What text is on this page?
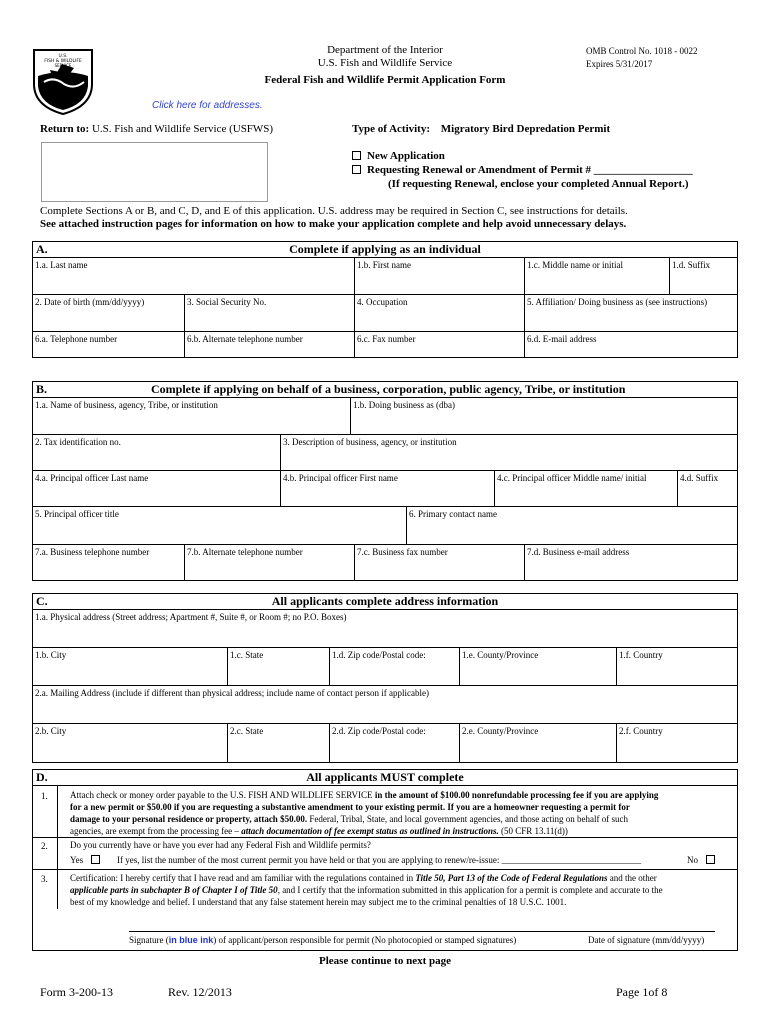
U.S.
FISH & WILDLIFE
SERVICE
Department of the Interior
U.S. Fish and Wildlife Service
Federal Fish and Wildlife Permit Application Form
OMB Control No. 1018 - 0022
Expires 5/31/2017
Click here for addresses.
Return to: U.S. Fish and Wildlife Service (USFWS)	Type of Activity: Migratory Bird Depredation Permit
New Application
Requesting Renewal or Amendment of Permit # __________________
(If requesting Renewal, enclose your completed Annual Report.)
Complete Sections A or B, and C, D, and E of this application. U.S. address may be required in Section C, see instructions for details.
See attached instruction pages for information on how to make your application complete and help avoid unnecessary delays.
A.	Complete if applying as an individual
1.a. Last name	1.b. First name	1.c. Middle name or initial	1.d. Suffix
2. Date of birth (mm/dd/yyyy)	3. Social Security No.	4. Occupation	5. Affiliation/ Doing business as (see instructions)
6.a. Telephone number	6.b. Alternate telephone number	6.c. Fax number	6.d. E-mail address
B.	Complete if applying on behalf of a business, corporation, public agency, Tribe, or institution
1.a. Name of business, agency, Tribe, or institution	1.b. Doing business as (dba)
2. Tax identification no.	3. Description of business, agency, or institution
4.a. Principal officer Last name	4.b. Principal officer First name	4.c. Principal officer Middle name/ initial	4.d. Suffix
5. Principal officer title	6. Primary contact name
7.a. Business telephone number	7.b. Alternate telephone number	7.c. Business fax number	7.d. Business e-mail address
C.	All applicants complete address information
1.a. Physical address (Street address; Apartment #, Suite #, or Room #; no P.O. Boxes)
1.b. City	1.c. State	1.d. Zip code/Postal code:	1.e. County/Province	1.f. Country
2.a. Mailing Address (include if different than physical address; include name of contact person if applicable)
2.b. City	2.c. State	2.d. Zip code/Postal code:	2.e. County/Province	2.f. Country
D.	All applicants MUST complete
1. Attach check or money order payable to the U.S. FISH AND WILDLIFE SERVICE in the amount of $100.00 nonrefundable processing fee if you are applying
for a new permit or $50.00 if you are requesting a substantive amendment to your existing permit. If you are a homeowner requesting a permit for
damage to your personal residence or property, attach $50.00. Federal, Tribal, State, and local government agencies, and those acting on behalf of such
agencies, are exempt from the processing fee – attach documentation of fee exempt status as outlined in instructions. (50 CFR 13.11(d))
2. Do you currently have or have you ever had any Federal Fish and Wildlife permits?
Yes	If yes, list the number of the most current permit you have held or that you are applying to renew/re-issue: _______________________________	No
3. Certification: I hereby certify that I have read and am familiar with the regulations contained in Title 50, Part 13 of the Code of Federal Regulations and the other
applicable parts in subchapter B of Chapter I of Title 50, and I certify that the information submitted in this application for a permit is complete and accurate to the
best of my knowledge and belief. I understand that any false statement herein may subject me to the criminal penalties of 18 U.S.C. 1001.
Signature (in blue ink) of applicant/person responsible for permit (No photocopied or stamped signatures)	Date of signature (mm/dd/yyyy)
Please continue to next page
Form 3-200-13	Rev. 12/2013	Page 1of 8
